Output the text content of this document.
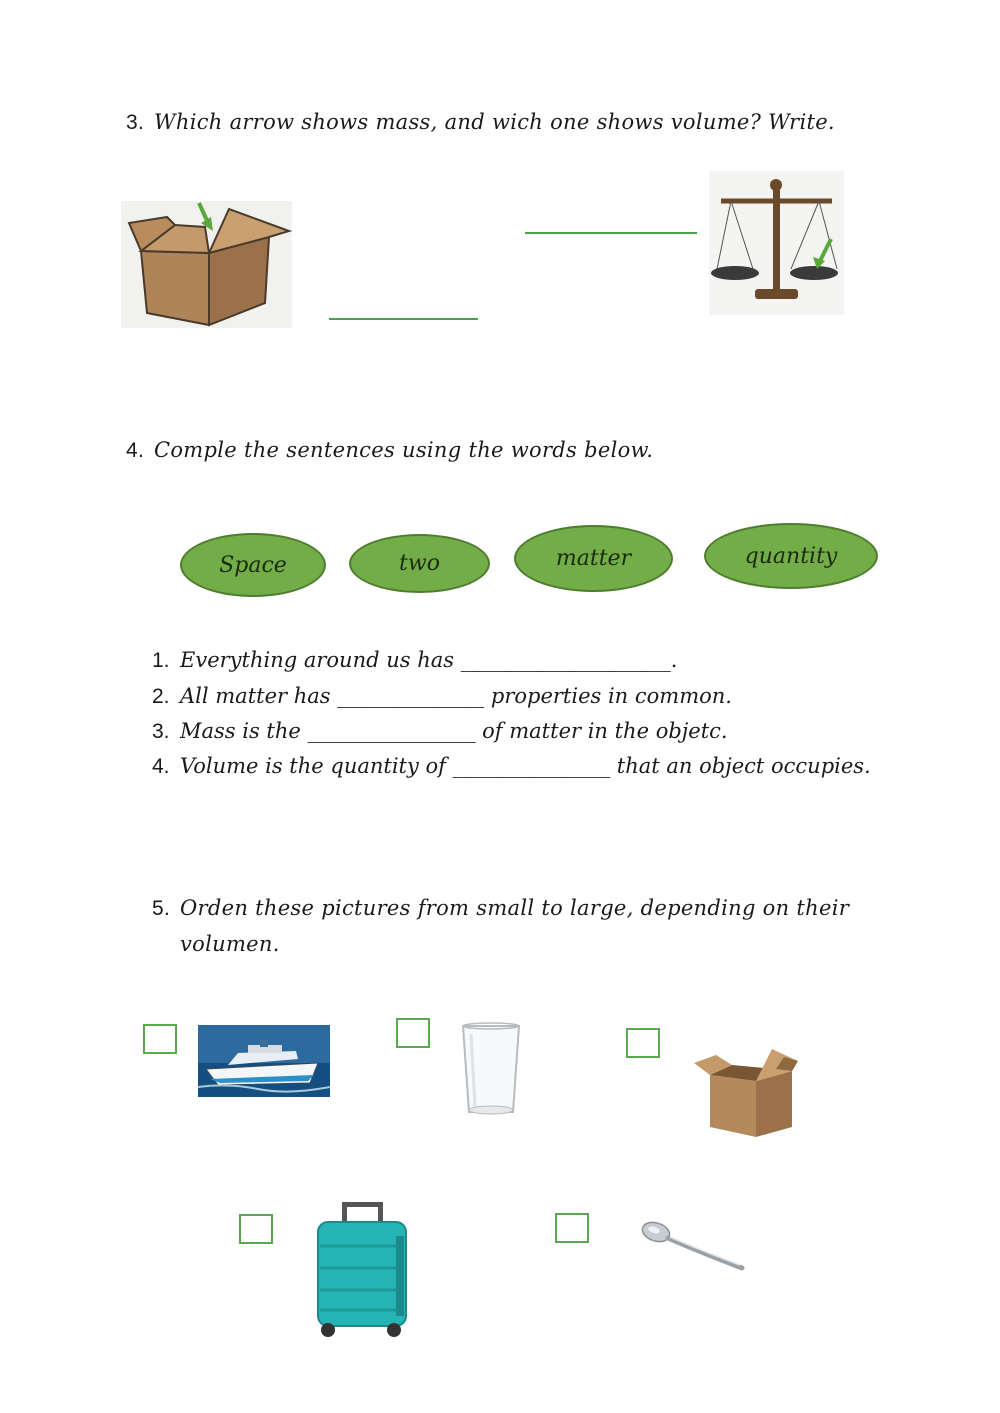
3. Which arrow shows mass, and wich one shows volume? Write.
4. Comple the sentences using the words below.
Space	two	matter	quantity
1. Everything around us has ____________________.
2. All matter has ______________ properties in common.
3. Mass is the ________________ of matter in the objetc.
4. Volume is the quantity of _______________ that an object occupies.
5. Orden these pictures from small to large, depending on their
volumen.
